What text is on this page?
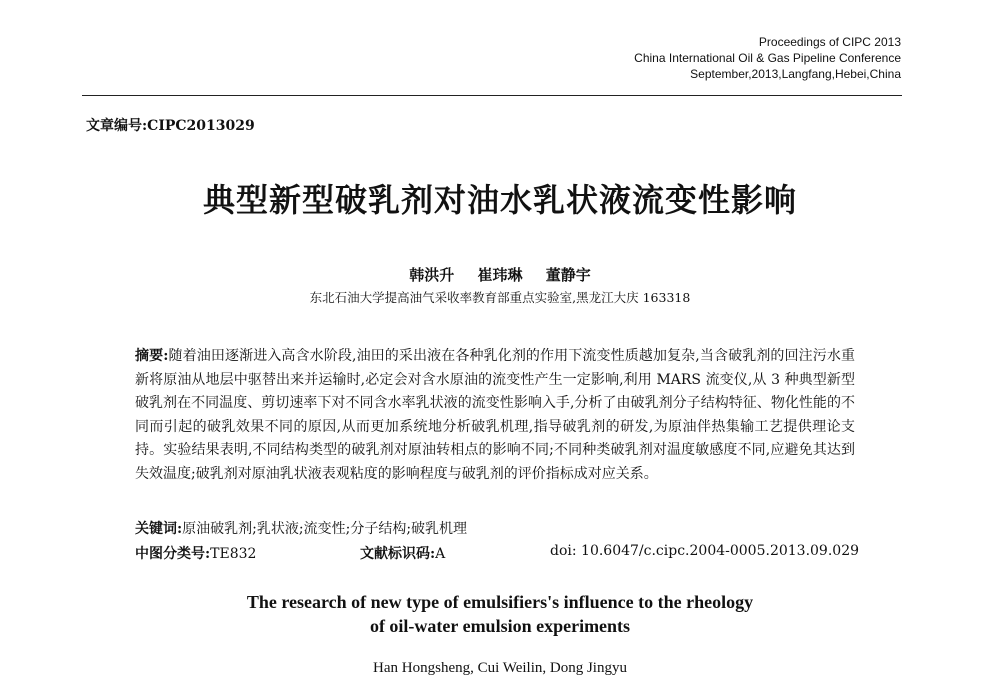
Proceedings of CIPC 2013
China International Oil & Gas Pipeline Conference
September,2013,Langfang,Hebei,China
文章编号:CIPC2013029
典型新型破乳剂对油水乳状液流变性影响
韩洪升 崔玮琳 董静宇
东北石油大学提高油气采收率教育部重点实验室,黑龙江大庆 163318
摘要:随着油田逐渐进入高含水阶段,油田的采出液在各种乳化剂的作用下流变性质越加复杂,当含破乳剂的回注污水重新将原油从地层中驱替出来并运输时,必定会对含水原油的流变性产生一定影响,利用 MARS 流变仪,从 3 种典型新型破乳剂在不同温度、剪切速率下对不同含水率乳状液的流变性影响入手,分析了由破乳剂分子结构特征、物化性能的不同而引起的破乳效果不同的原因,从而更加系统地分析破乳机理,指导破乳剂的研发,为原油伴热集输工艺提供理论支持。实验结果表明,不同结构类型的破乳剂对原油转相点的影响不同;不同种类破乳剂对温度敏感度不同,应避免其达到失效温度;破乳剂对原油乳状液表观粘度的影响程度与破乳剂的评价指标成对应关系。
关键词:原油破乳剂;乳状液;流变性;分子结构;破乳机理
中图分类号:TE832	文献标识码:A	doi: 10.6047/c.cipc.2004-0005.2013.09.029
The research of new type of emulsifiers's influence to the rheology
of oil-water emulsion experiments
Han Hongsheng, Cui Weilin, Dong Jingyu
